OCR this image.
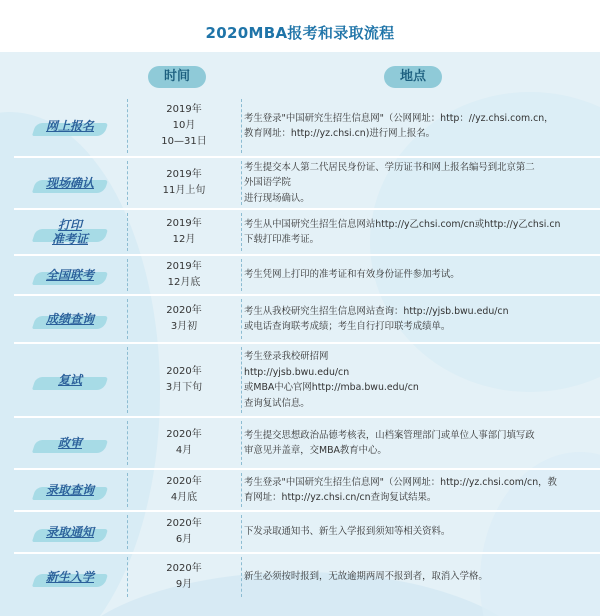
2020MBA报考和录取流程
时间	地点
网上报名
2019年
10月
10—31日
考生登录"中国研究生招生信息网"（公网网址：http：//yz.chsi.com.cn，
教育网址：http://yz.chsi.cn)进行网上报名。
现场确认
2019年
11月上旬
考生提交本人第二代居民身份证、学历证书和网上报名编号到北京第二
外国语学院
进行现场确认。
打印
准考证
2019年
12月
考生从中国研究生招生信息网站http://y乙chsi.com/cn或http://y乙chsi.cn
下载打印准考证。
全国联考
2019年
12月底
考生凭网上打印的准考证和有效身份证件参加考试。
成绩查询
2020年
3月初
考生从我校研究生招生信息网站查询：http://yjsb.bwu.edu/cn
或电话查询联考成绩；考生自行打印联考成绩单。
复试
2020年
3月下旬
考生登录我校研招网
http://yjsb.bwu.edu/cn
或MBA中心官网http://mba.bwu.edu/cn
查询复试信息。
政审
2020年
4月
考生提交思想政治品德考核表，山档案管理部门或单位人事部门填写政
审意见并盖章，交MBA教育中心。
录取查询
2020年
4月底
考生登录"中国研究生招生信息网"（公网网址：http://yz.chsi.com/cn，教
育网址：http://yz.chsi.cn/cn查询复试结果。
录取通知
2020年
6月
下发录取通知书、新生入学报到须知等相关资料。
新生入学
2020年
9月
新生必须按时报到，无故逾期两周不报到者，取消入学格。
